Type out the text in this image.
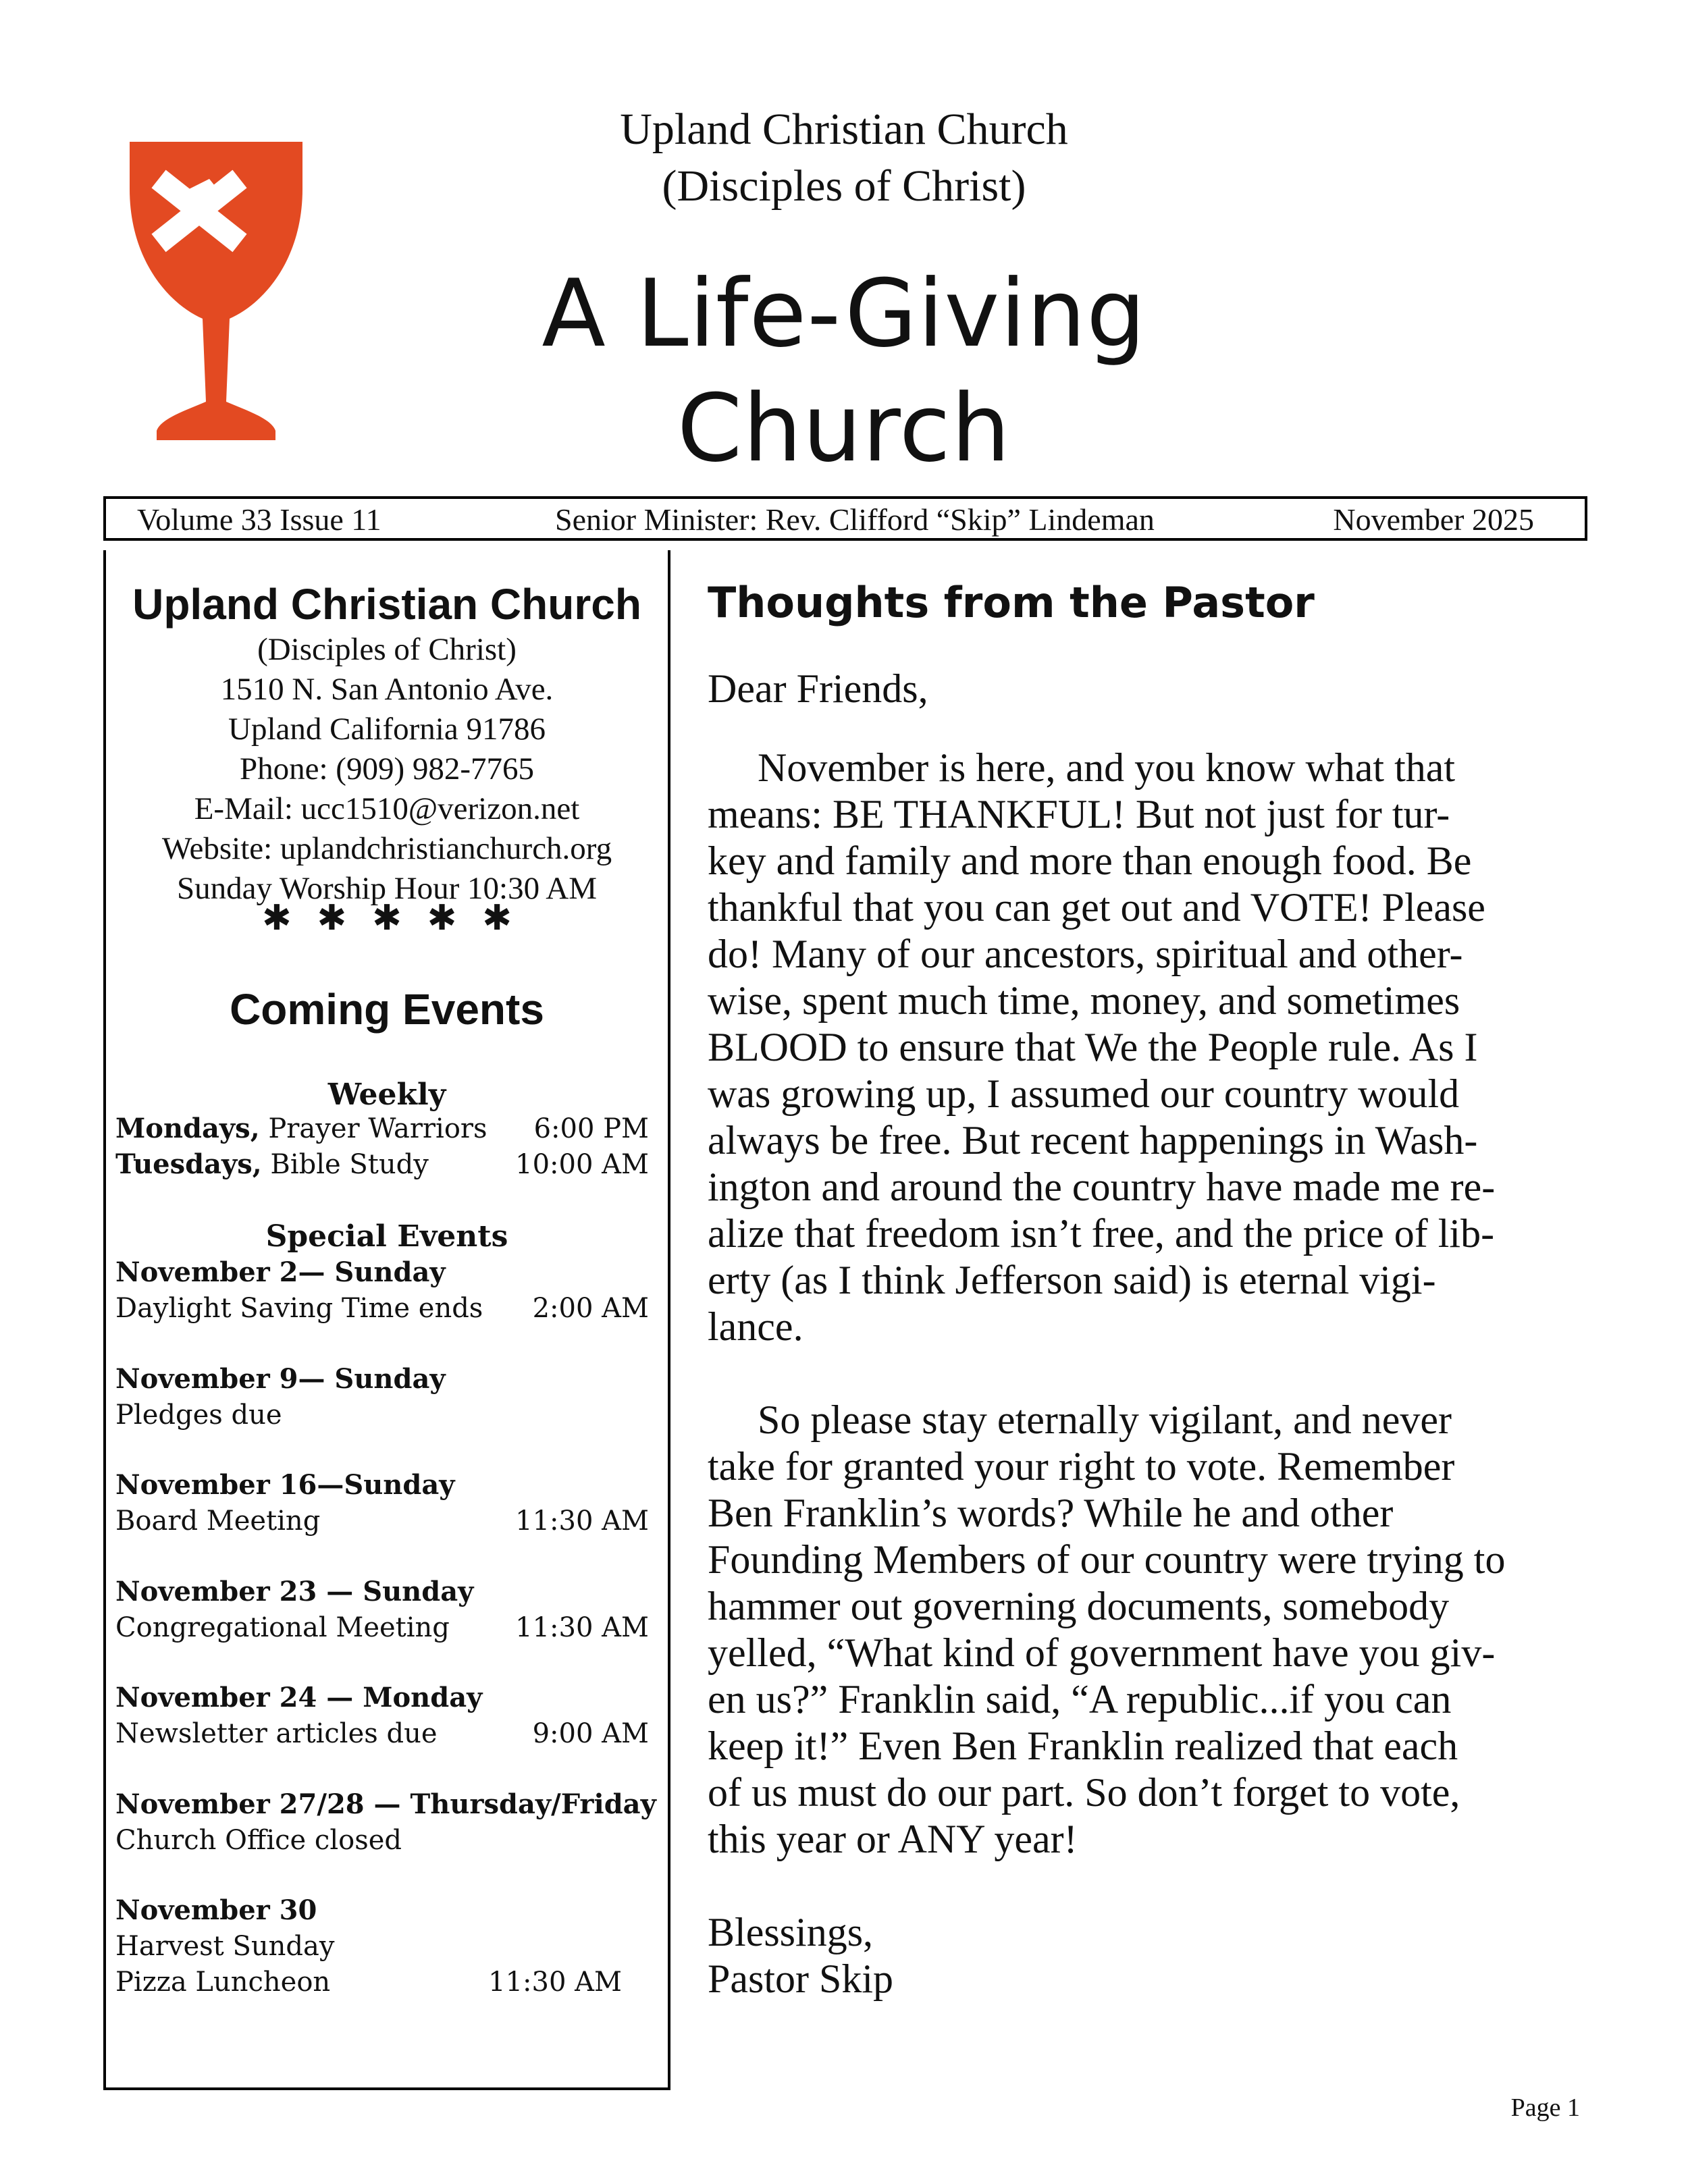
Upland Christian Church
(Disciples of Christ)
A Life-Giving Church
Volume 33 Issue 11	Senior Minister: Rev. Clifford “Skip” Lindeman	November 2025
Upland Christian Church
(Disciples of Christ)
1510 N. San Antonio Ave.
Upland California 91786
Phone: (909) 982-7765
E-Mail: ucc1510@verizon.net
Website: uplandchristianchurch.org
Sunday Worship Hour 10:30 AM
✱✱✱✱✱
Coming Events
Weekly
Mondays, Prayer Warriors 6:00 PM
Tuesdays, Bible Study	10:00 AM
Special Events
November 2— Sunday
Daylight Saving Time ends 2:00 AM
November 9— Sunday
Pledges due
November 16—Sunday
Board Meeting	11:30 AM
November 23 — Sunday
Congregational Meeting 11:30 AM
November 24 — Monday
Newsletter articles due	9:00 AM
November 27/28 — Thursday/Friday
Church Office closed
November 30
Harvest Sunday
Pizza Luncheon	11:30 AM
Thoughts from the Pastor

Dear Friends,

November is here, and you know what that

means: BE THANKFUL! But not just for tur-

key and family and more than enough food. Be

thankful that you can get out and VOTE! Please

do! Many of our ancestors, spiritual and other-

wise, spent much time, money, and sometimes

BLOOD to ensure that We the People rule. As I

was growing up, I assumed our country would

always be free. But recent happenings in Wash-

ington and around the country have made me re-

alize that freedom isn’t free, and the price of lib-

erty (as I think Jefferson said) is eternal vigi-

lance.

So please stay eternally vigilant, and never

take for granted your right to vote. Remember

Ben Franklin’s words? While he and other

Founding Members of our country were trying to

hammer out governing documents, somebody

yelled, “What kind of government have you giv-

en us?” Franklin said, “A republic...if you can

keep it!” Even Ben Franklin realized that each

of us must do our part. So don’t forget to vote,

this year or ANY year!

Blessings,

Pastor Skip

Page 1
